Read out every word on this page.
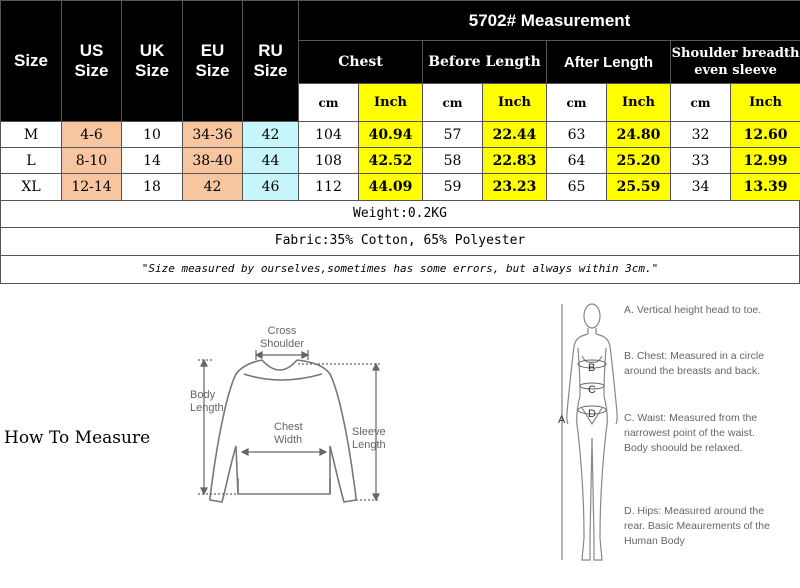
Size	US Size	UK Size	EU Size	RU Size	5702# Measurement							
					Chest		Before Length		After Length		Shoulder breadth even sleeve	
					cm	Inch	cm	Inch	cm	Inch	cm	Inch
M	4-6	10	34-36	42	104	40.94	57	22.44	63	24.80	32	12.60
L	8-10	14	38-40	44	108	42.52	58	22.83	64	25.20	33	12.99
XL	12-14	18	42	46	112	44.09	59	23.23	65	25.59	34	13.39
Weight:0.2KG
Fabric:35% Cotton, 65% Polyester
"Size measured by ourselves,sometimes has some errors, but always within 3cm."
How To Measure
Cross
Shoulder
Body
Length
Chest
Width
Sleeve
Length
B
C
D
A
A. Vertical height head to toe.
B. Chest: Measured in a circle around the breasts and back.
C. Waist: Measured from the narrowest point of the waist. Body shoould be relaxed.
D. Hips: Measured around the rear. Basic Meaurements of the Human Body
